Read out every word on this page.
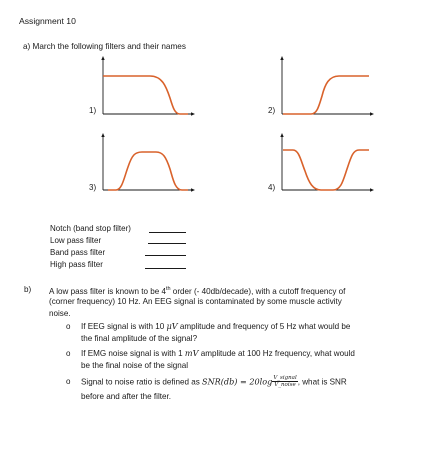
Assignment 10
a) March the following filters and their names
1)	2)
3)	4)
Notch (band stop filter)
Low pass filter
Band pass filter
High pass filter
b) A low pass filter is known to be 4th order (- 40db/decade), with a cutoff frequency of
(corner frequency) 10 Hz. An EEG signal is contaminated by some muscle activity
noise.
o If EEG signal is with 10 μV amplitude and frequency of 5 Hz what would be
the final amplitude of the signal?
o If EMG noise signal is with 1 mV amplitude at 100 Hz frequency, what would
be the final noise of the signal
o Signal to noise ratio is defined as $SNR(db) = 20\log \frac{\text{V\_signal}}{\text{V\_noise}}$ , what is SNR
before and after the filter.
